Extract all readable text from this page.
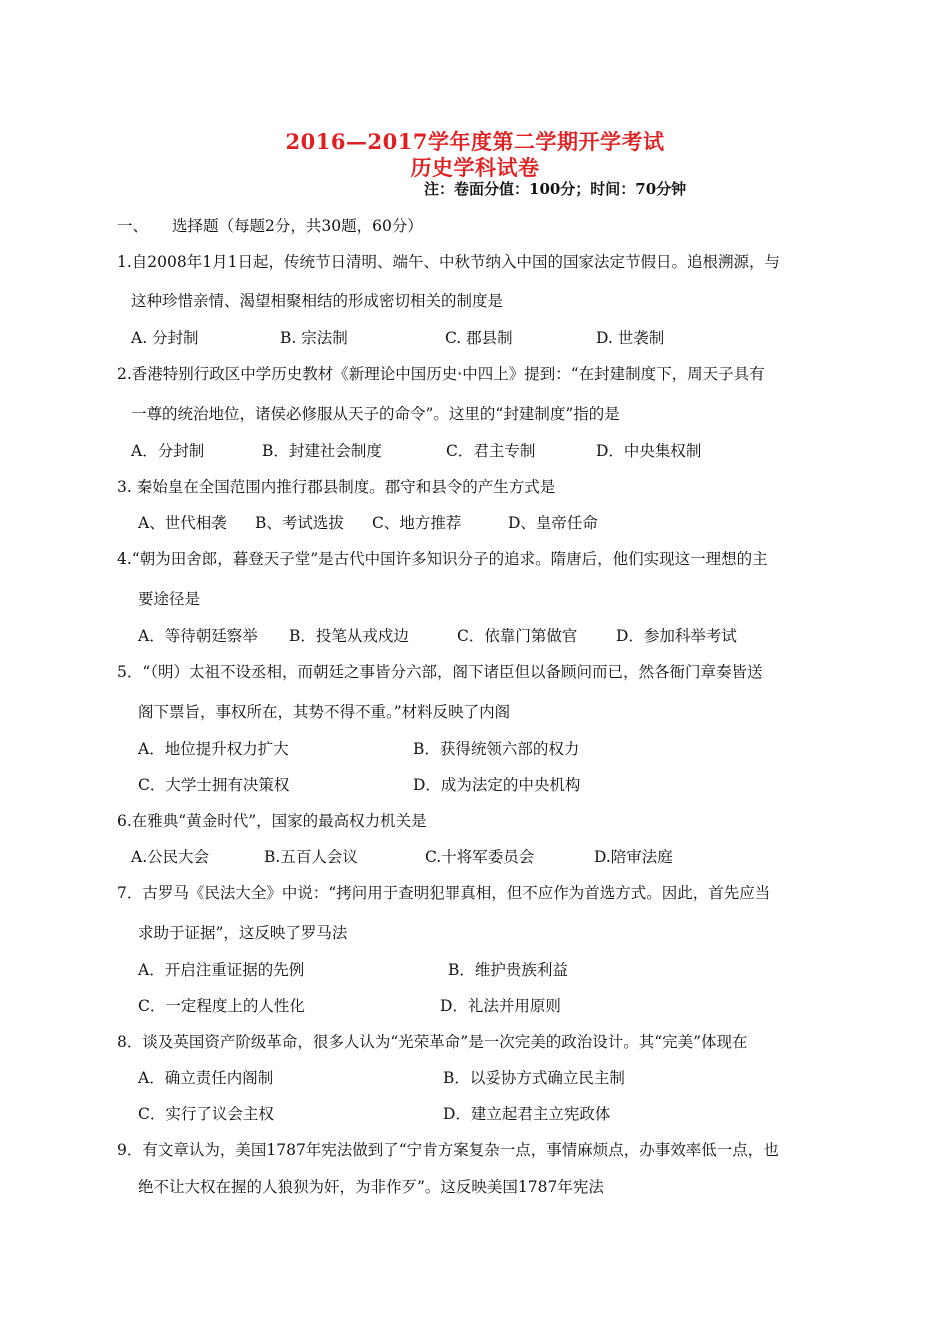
2016—2017学年度第二学期开学考试
历史学科试卷
注：卷面分值：100分；时间：70分钟
一、 选择题（每题2分，共30题，60分）
1.自2008年1月1日起，传统节日清明、端午、中秋节纳入中国的国家法定节假日。追根溯源，与
这种珍惜亲情、渴望相聚相结的形成密切相关的制度是
A. 分封制	B. 宗法制	C. 郡县制	D. 世袭制
2.香港特别行政区中学历史教材《新理论中国历史·中四上》提到：“在封建制度下，周天子具有
一尊的统治地位，诸侯必修服从天子的命令”。这里的“封建制度”指的是
A．分封制	B．封建社会制度	C．君主专制	D．中央集权制
3. 秦始皇在全国范围内推行郡县制度。郡守和县令的产生方式是
A、世代相袭 B、考试选拔 C、地方推荐	D、皇帝任命
4.“朝为田舍郎，暮登天子堂”是古代中国许多知识分子的追求。隋唐后，他们实现这一理想的主
要途径是
A．等待朝廷察举 B．投笔从戎戍边	C．依靠门第做官 D．参加科举考试
5．“（明）太祖不设丞相，而朝廷之事皆分六部，阁下诸臣但以备顾问而已，然各衙门章奏皆送
阁下票旨，事权所在，其势不得不重。”材料反映了内阁
A．地位提升权力扩大	B．获得统领六部的权力
C．大学士拥有决策权	D．成为法定的中央机构
6.在雅典“黄金时代”，国家的最高权力机关是
A.公民大会	B.五百人会议	C.十将军委员会	D.陪审法庭
7．古罗马《民法大全》中说：“拷问用于查明犯罪真相，但不应作为首选方式。因此，首先应当
求助于证据”，这反映了罗马法
A．开启注重证据的先例	B．维护贵族利益
C．一定程度上的人性化	D．礼法并用原则
8．谈及英国资产阶级革命，很多人认为“光荣革命”是一次完美的政治设计。其“完美”体现在
A．确立责任内阁制	B．以妥协方式确立民主制
C．实行了议会主权	D．建立起君主立宪政体
9．有文章认为，美国1787年宪法做到了“宁肯方案复杂一点，事情麻烦点，办事效率低一点，也
绝不让大权在握的人狼狈为奸，为非作歹”。这反映美国1787年宪法
